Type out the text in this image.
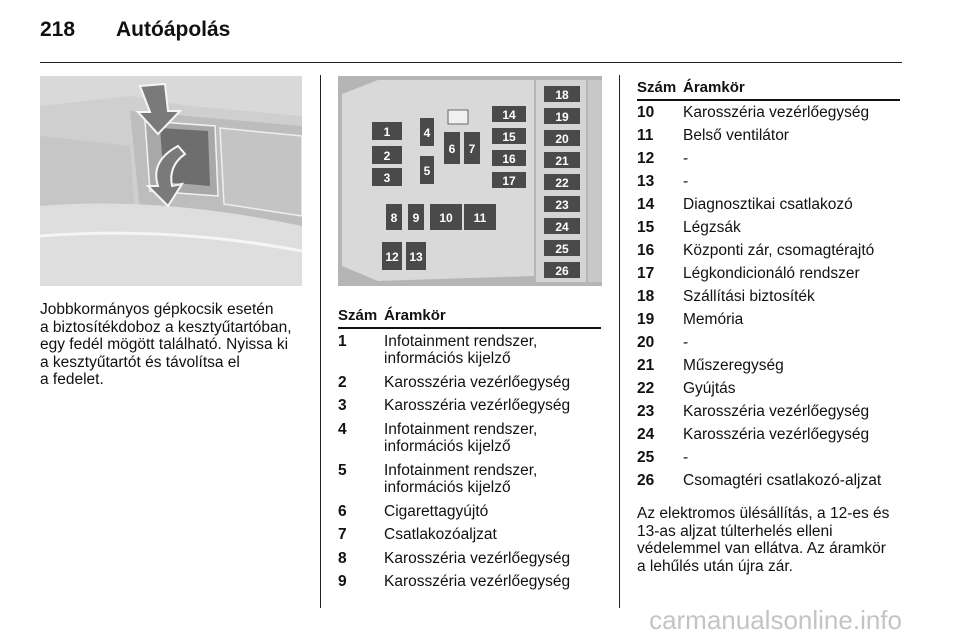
218 Autóápolás
1
2
3
4
5
6 7
8 9 10 11
12 13
14
15
16
17
18
19
20
21
22
23
24
25
26

Jobbkormányos gépkocsik esetén

a biztosítékdoboz a kesztyűtartóban,

egy fedél mögött található. Nyissa ki

a kesztyűtartót és távolítsa el

a fedelet.

Szám Áramkör
1	Infotainment rendszer, információs kijelző
2	Karosszéria vezérlőegység
3	Karosszéria vezérlőegység
4	Infotainment rendszer, információs kijelző
5	Infotainment rendszer, információs kijelző
6	Cigarettagyújtó
7	Csatlakozóaljzat
8	Karosszéria vezérlőegység
9	Karosszéria vezérlőegység
Szám Áramkör
10	Karosszéria vezérlőegység
11	Belső ventilátor
12	-
13	-
14	Diagnosztikai csatlakozó
15	Légzsák
16	Központi zár, csomagtérajtó
17	Légkondicionáló rendszer
18	Szállítási biztosíték
19	Memória
20	-
21	Műszeregység
22	Gyújtás
23	Karosszéria vezérlőegység
24	Karosszéria vezérlőegység
25	-
26	Csomagtéri csatlakozó-aljzat

Az elektromos ülésállítás, a 12-es és

13-as aljzat túlterhelés elleni

védelemmel van ellátva. Az áramkör

a lehűlés után újra zár.

carmanualsonline.info
